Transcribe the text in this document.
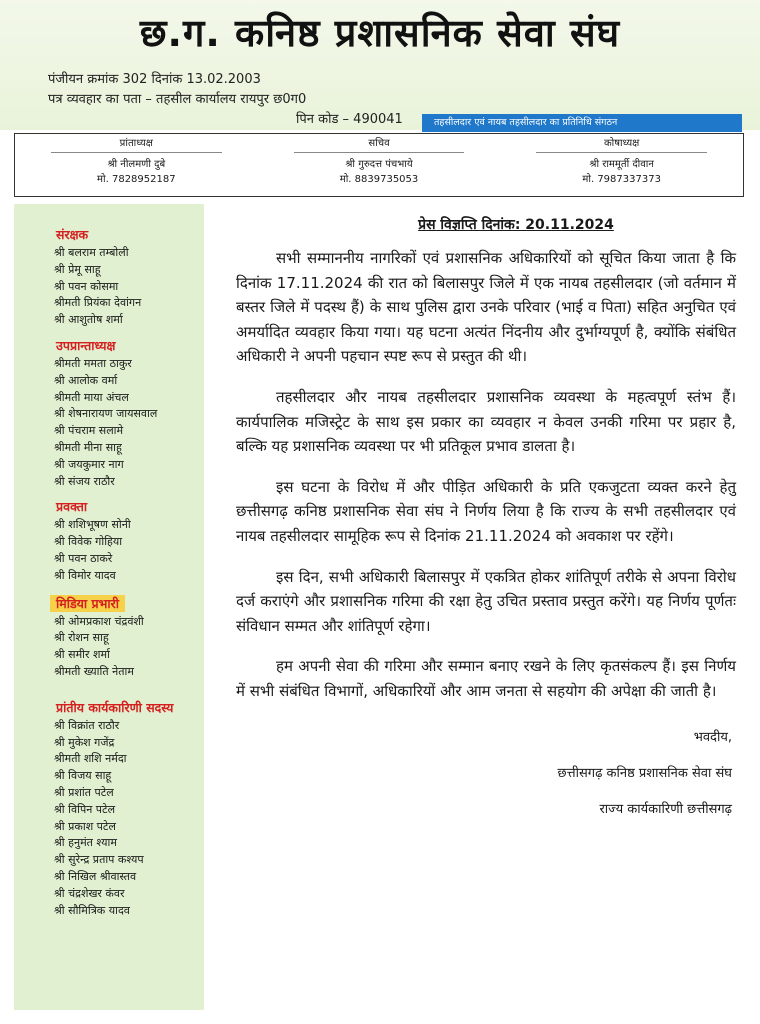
छ.ग. कनिष्ठ प्रशासनिक सेवा संघ
पंजीयन क्रमांक 302 दिनांक 13.02.2003
पत्र व्यवहार का पता – तहसील कार्यालय रायपुर छ0ग0
पिन कोड – 490041	तहसीलदार एवं नायब तहसीलदार का प्रतिनिधि संगठन
प्रांताध्यक्ष
श्री नीलमणी दुबे
मो. 7828952187
सचिव
श्री गुरुदत्त पंचभाये
मो. 8839735053
कोषाध्यक्ष
श्री राममूर्ती दीवान
मो. 7987337373
संरक्षक
श्री बलराम तम्बोली
श्री प्रेमू साहू
श्री पवन कोसमा
श्रीमती प्रियंका देवांगन
श्री आशुतोष शर्मा
उपप्रान्ताध्यक्ष
श्रीमती ममता ठाकुर
श्री आलोक वर्मा
श्रीमती माया अंचल
श्री शेषनारायण जायसवाल
श्री पंचराम सलामे
श्रीमती मीना साहू
श्री जयकुमार नाग
श्री संजय राठौर
प्रवक्ता
श्री शशिभूषण सोनी
श्री विवेक गोहिया
श्री पवन ठाकरे
श्री विमोर यादव
मिडिया प्रभारी
श्री ओमप्रकाश चंद्रवंशी
श्री रोशन साहू
श्री समीर शर्मा
श्रीमती ख्याति नेताम
प्रांतीय कार्यकारिणी सदस्य
श्री विक्रांत राठौर
श्री मुकेश गजेंद्र
श्रीमती शशि नर्मदा
श्री विजय साहू
श्री प्रशांत पटेल
श्री विपिन पटेल
श्री प्रकाश पटेल
श्री हनुमंत श्याम
श्री सुरेन्द्र प्रताप कश्यप
श्री निखिल श्रीवास्तव
श्री चंद्रशेखर कंवर
श्री सौमित्रिक यादव
प्रेस विज्ञप्ति दिनांक: 20.11.2024

सभी सम्माननीय नागरिकों एवं प्रशासनिक अधिकारियों को सूचित किया जाता है कि दिनांक 17.11.2024 की रात को बिलासपुर जिले में एक नायब तहसीलदार (जो वर्तमान में बस्तर जिले में पदस्थ हैं) के साथ पुलिस द्वारा उनके परिवार (भाई व पिता) सहित अनुचित एवं अमर्यादित व्यवहार किया गया। यह घटना अत्यंत निंदनीय और दुर्भाग्यपूर्ण है, क्योंकि संबंधित अधिकारी ने अपनी पहचान स्पष्ट रूप से प्रस्तुत की थी।

तहसीलदार और नायब तहसीलदार प्रशासनिक व्यवस्था के महत्वपूर्ण स्तंभ हैं। कार्यपालिक मजिस्ट्रेट के साथ इस प्रकार का व्यवहार न केवल उनकी गरिमा पर प्रहार है, बल्कि यह प्रशासनिक व्यवस्था पर भी प्रतिकूल प्रभाव डालता है।

इस घटना के विरोध में और पीड़ित अधिकारी के प्रति एकजुटता व्यक्त करने हेतु छत्तीसगढ़ कनिष्ठ प्रशासनिक सेवा संघ ने निर्णय लिया है कि राज्य के सभी तहसीलदार एवं नायब तहसीलदार सामूहिक रूप से दिनांक 21.11.2024 को अवकाश पर रहेंगे।

इस दिन, सभी अधिकारी बिलासपुर में एकत्रित होकर शांतिपूर्ण तरीके से अपना विरोध दर्ज कराएंगे और प्रशासनिक गरिमा की रक्षा हेतु उचित प्रस्ताव प्रस्तुत करेंगे। यह निर्णय पूर्णतः संविधान सम्मत और शांतिपूर्ण रहेगा।

हम अपनी सेवा की गरिमा और सम्मान बनाए रखने के लिए कृतसंकल्प हैं। इस निर्णय में सभी संबंधित विभागों, अधिकारियों और आम जनता से सहयोग की अपेक्षा की जाती है।

भवदीय,
छत्तीसगढ़ कनिष्ठ प्रशासनिक सेवा संघ
राज्य कार्यकारिणी छत्तीसगढ़
